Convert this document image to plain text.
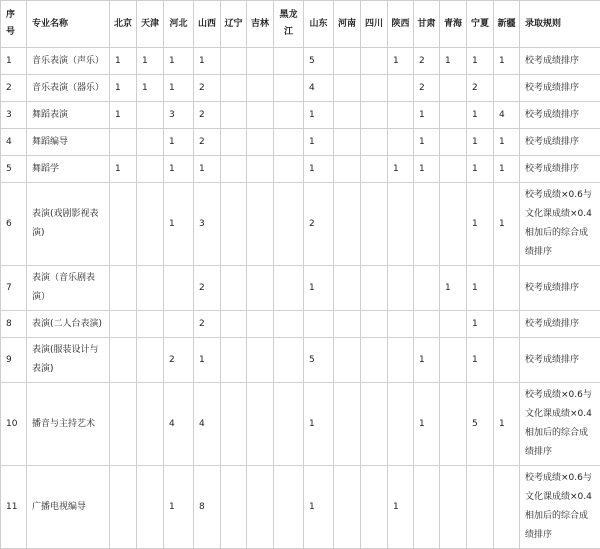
序号	专业名称	北京	天津	河北	山西	辽宁	吉林	黑龙江	山东	河南	四川	陕西	甘肃	青海	宁夏	新疆	录取规则
1	音乐表演（声乐）	1	1	1	1				5			1	2	1	1	1	校考成绩排序
2	音乐表演（器乐）	1	1	1	2				4				2		2		校考成绩排序
3	舞蹈表演	1		3	2				1				1		1	4	校考成绩排序
4	舞蹈编导			1	2				1				1		1	1	校考成绩排序
5	舞蹈学	1		1	1				1			1	1		1	1	校考成绩排序
6	表演(戏剧影视表演)			1	3				2						1	1	校考成绩×0.6与文化课成绩×0.4相加后的综合成绩排序
7	表演（音乐剧表演）				2				1					1	1		校考成绩排序
8	表演(二人台表演)				2										1		校考成绩排序
9	表演(服装设计与表演)			2	1				5				1		1		校考成绩排序
10	播音与主持艺术			4	4				1				1		5	1	校考成绩×0.6与文化课成绩×0.4相加后的综合成绩排序
11	广播电视编导			1	8				1			1					校考成绩×0.6与文化课成绩×0.4相加后的综合成绩排序
